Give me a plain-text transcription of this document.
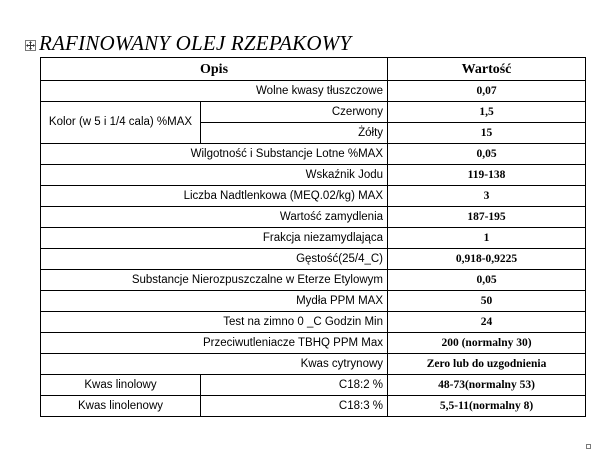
RAFINOWANY OLEJ RZEPAKOWY
Opis		Wartość
Wolne kwasy tłuszczowe		0,07
Kolor (w 5 i 1/4 cala) %MAX	Czerwony	1,5
	Żółty	15
Wilgotność i Substancje Lotne %MAX		0,05
Wskaźnik Jodu		119-138
Liczba Nadtlenkowa (MEQ.02/kg) MAX		3
Wartość zamydlenia		187-195
Frakcja niezamydlająca		1
Gęstość(25/4_C)		0,918-0,9225
Substancje Nierozpuszczalne w Eterze Etylowym		0,05
Mydła PPM MAX		50
Test na zimno 0 _C Godzin Min		24
Przeciwutleniacze TBHQ PPM Max		200 (normalny 30)
Kwas cytrynowy		Zero lub do uzgodnienia
Kwas linolowy	C18:2 %	48-73(normalny 53)
Kwas linolenowy	C18:3 %	5,5-11(normalny 8)
